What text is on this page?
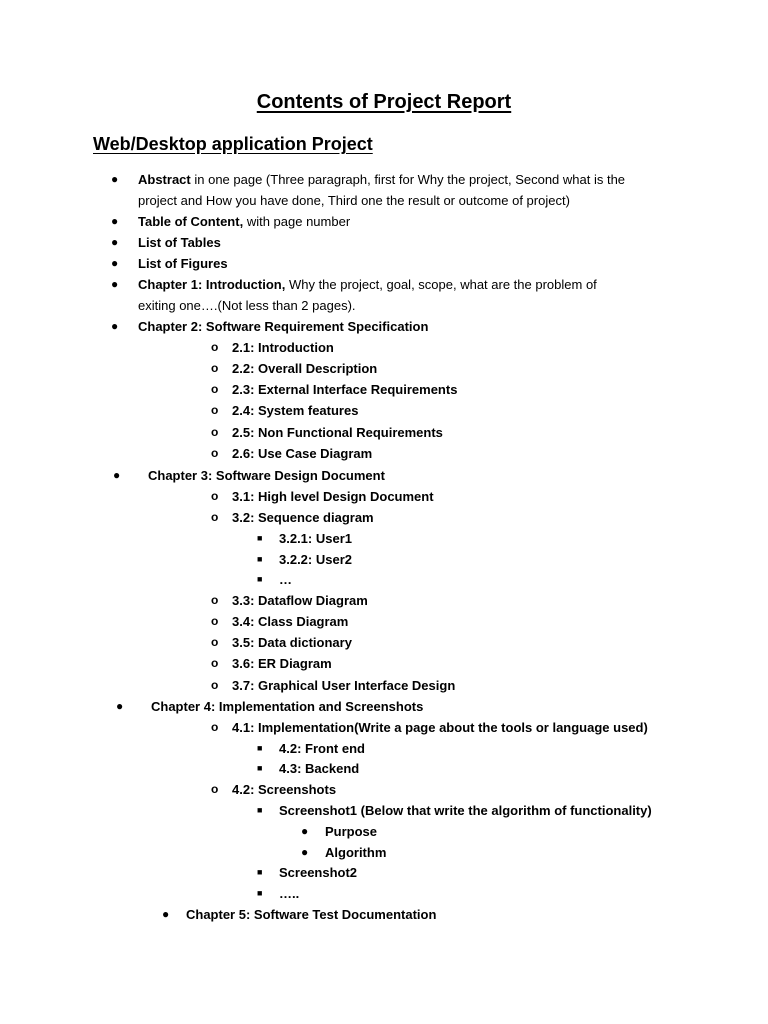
Contents of Project Report
Web/Desktop application Project
● Abstract in one page (Three paragraph, first for Why the project, Second what is the
project and How you have done, Third one the result or outcome of project)
● Table of Content, with page number
● List of Tables
● List of Figures
● Chapter 1: Introduction, Why the project, goal, scope, what are the problem of
exiting one….(Not less than 2 pages).
● Chapter 2: Software Requirement Specification
o 2.1: Introduction
o 2.2: Overall Description
o 2.3: External Interface Requirements
o 2.4: System features
o 2.5: Non Functional Requirements
o 2.6: Use Case Diagram
● Chapter 3: Software Design Document
o 3.1: High level Design Document
o 3.2: Sequence diagram
■ 3.2.1: User1
■ 3.2.2: User2
■ …
o 3.3: Dataflow Diagram
o 3.4: Class Diagram
o 3.5: Data dictionary
o 3.6: ER Diagram
o 3.7: Graphical User Interface Design
● Chapter 4: Implementation and Screenshots
o 4.1: Implementation(Write a page about the tools or language used)
■ 4.2: Front end
■ 4.3: Backend
o 4.2: Screenshots
■ Screenshot1 (Below that write the algorithm of functionality)
● Purpose
● Algorithm
■ Screenshot2
■ …..
● Chapter 5: Software Test Documentation
